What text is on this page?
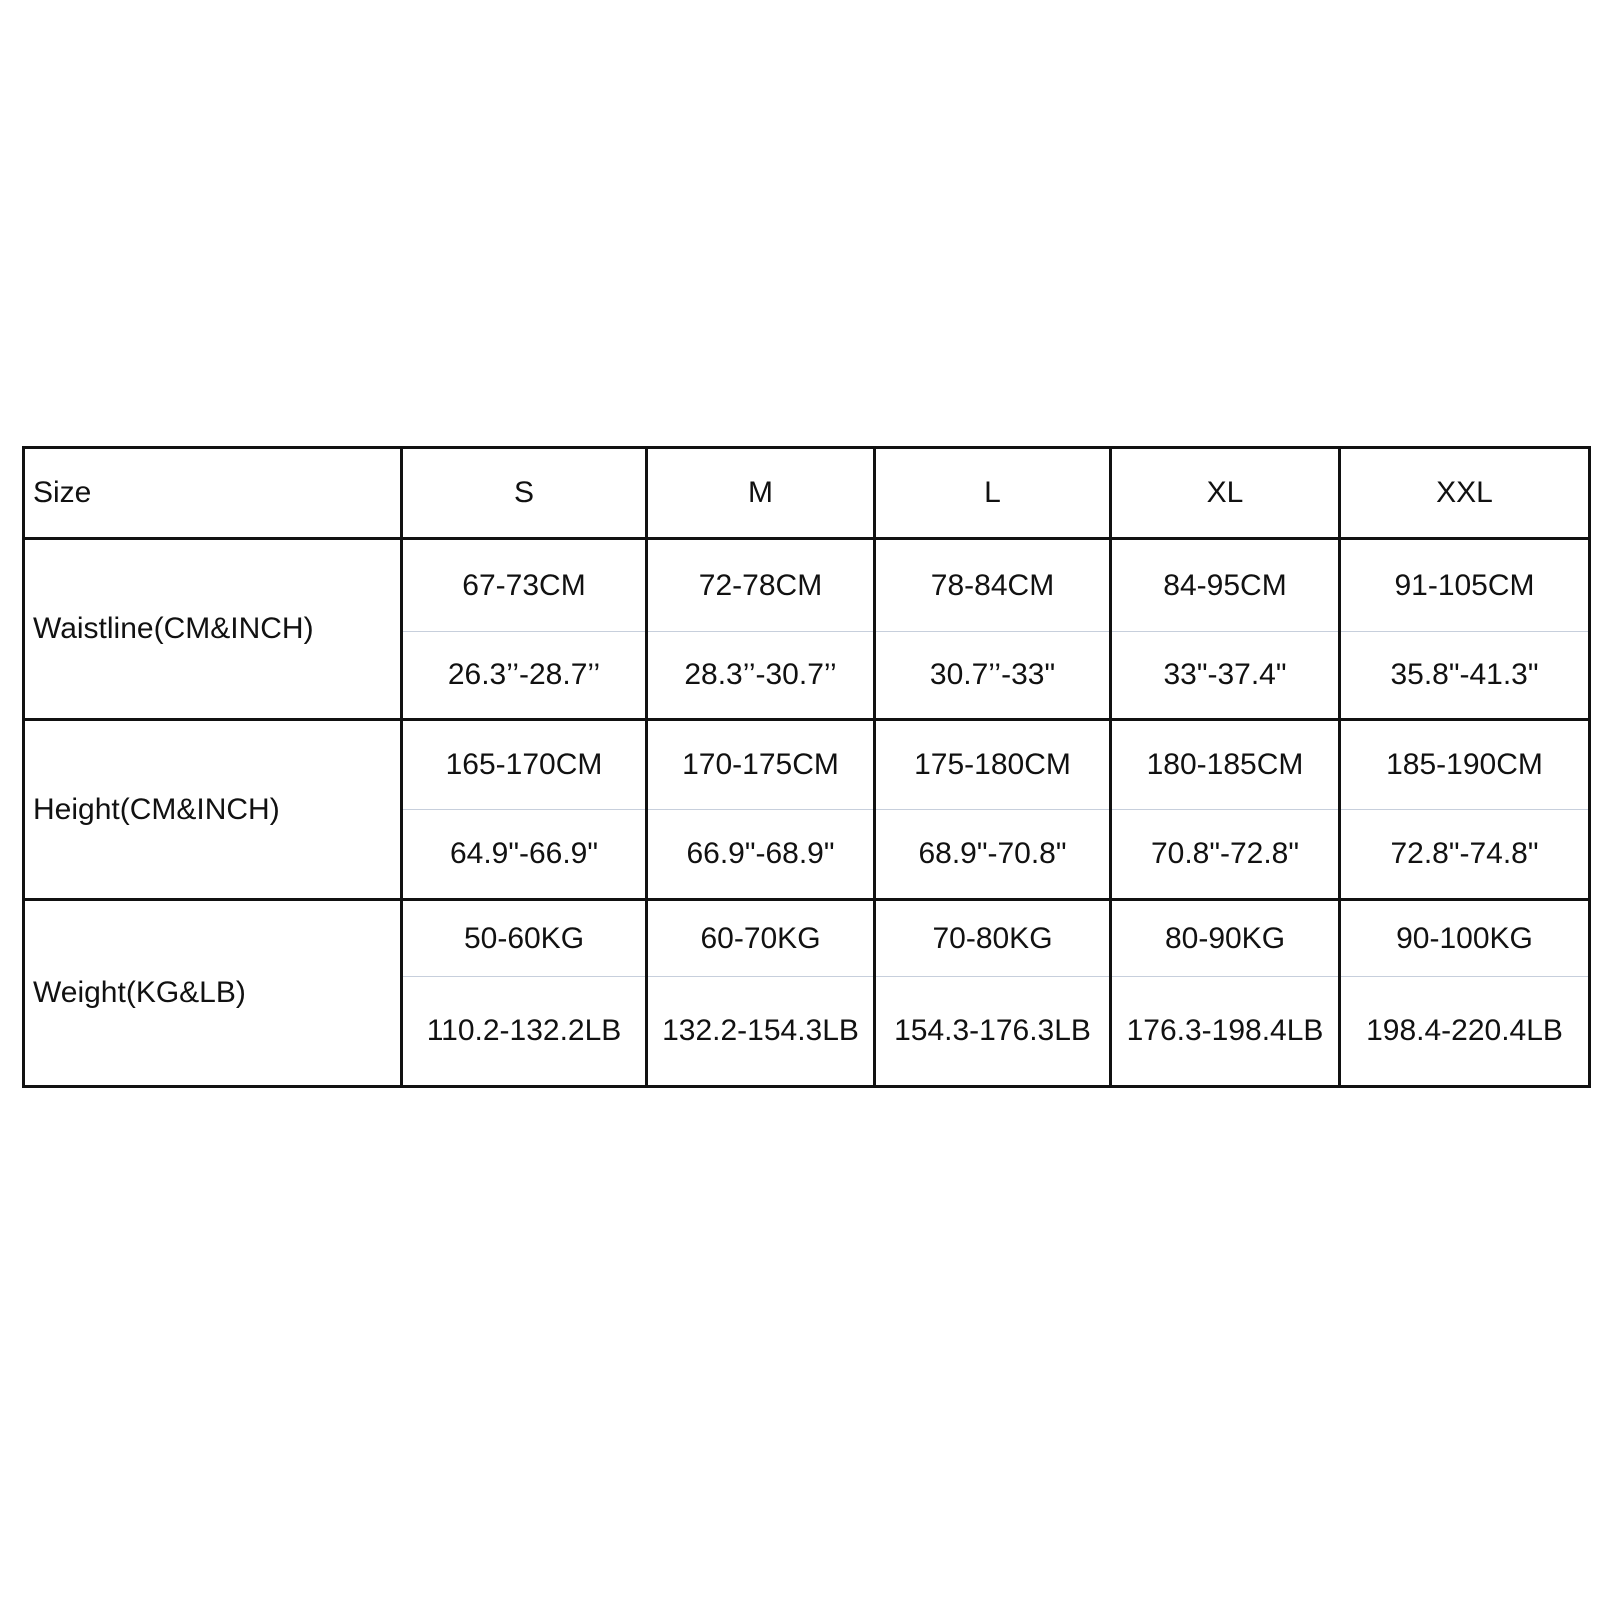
Size	S	M	L	XL	XXL
Waistline(CM&INCH)	67-73CM	72-78CM	78-84CM	84-95CM	91-105CM
	26.3’’-28.7’’	28.3’’-30.7’’	30.7’’-33"	33"-37.4"	35.8"-41.3"
Height(CM&INCH)	165-170CM	170-175CM	175-180CM	180-185CM	185-190CM
	64.9"-66.9"	66.9"-68.9"	68.9"-70.8"	70.8"-72.8"	72.8"-74.8"
Weight(KG&LB)	50-60KG	60-70KG	70-80KG	80-90KG	90-100KG
	110.2-132.2LB	132.2-154.3LB	154.3-176.3LB	176.3-198.4LB	198.4-220.4LB
